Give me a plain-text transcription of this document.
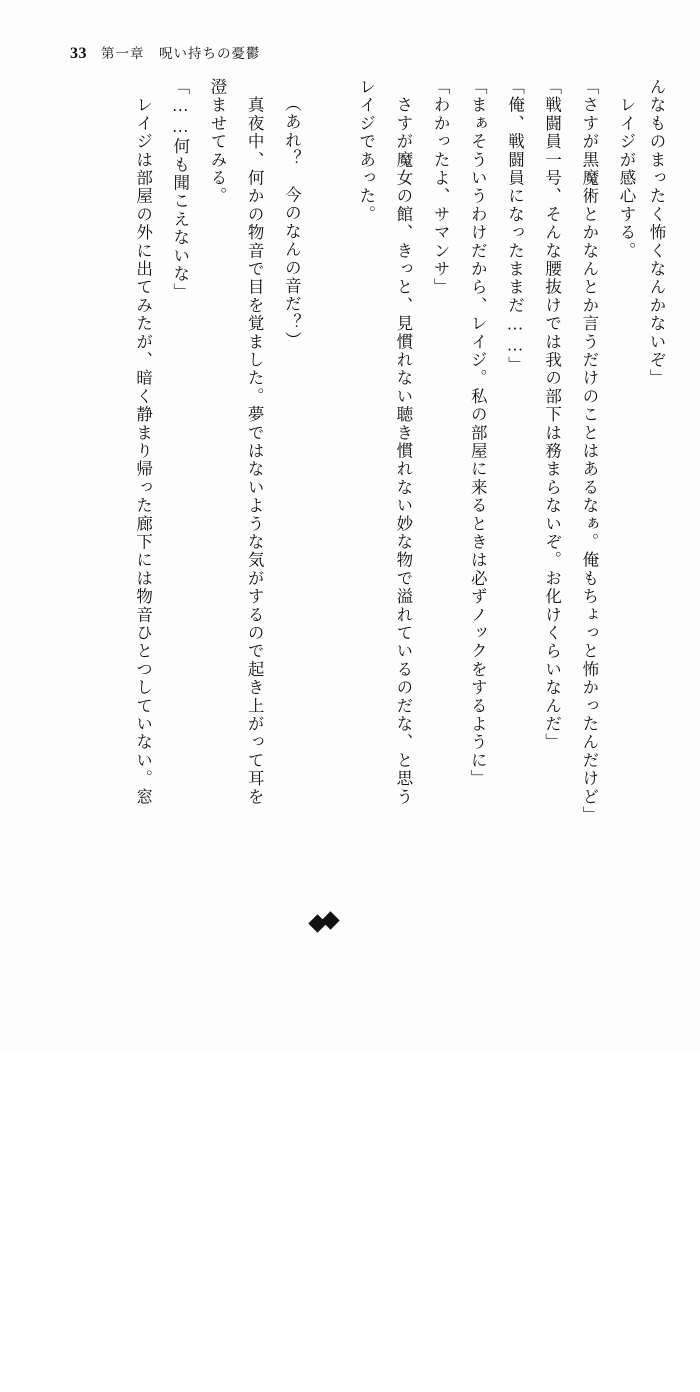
33 第一章　呪い持ちの憂鬱
んなものまったく怖くなんかないぞ」
　レイジが感心する。
「さすが黒魔術とかなんとか言うだけのことはあるなぁ。俺もちょっと怖かったんだけど」
「戦闘員一号、そんな腰抜けでは我の部下は務まらないぞ。お化けくらいなんだ」
「俺、戦闘員になったままだ……」
「まぁそういうわけだから、レイジ。私の部屋に来るときは必ずノックをするように」
「わかったよ、サマンサ」
　さすが魔女の館、きっと、見慣れない聴き慣れない妙な物で溢れているのだな、と思う
レイジであった。
（あれ？　今のなんの音だ？）
　真夜中、何かの物音で目を覚ました。夢ではないような気がするので起き上がって耳を
澄ませてみる。
「……何も聞こえないな」
　レイジは部屋の外に出てみたが、暗く静まり帰った廊下には物音ひとつしていない。窓
